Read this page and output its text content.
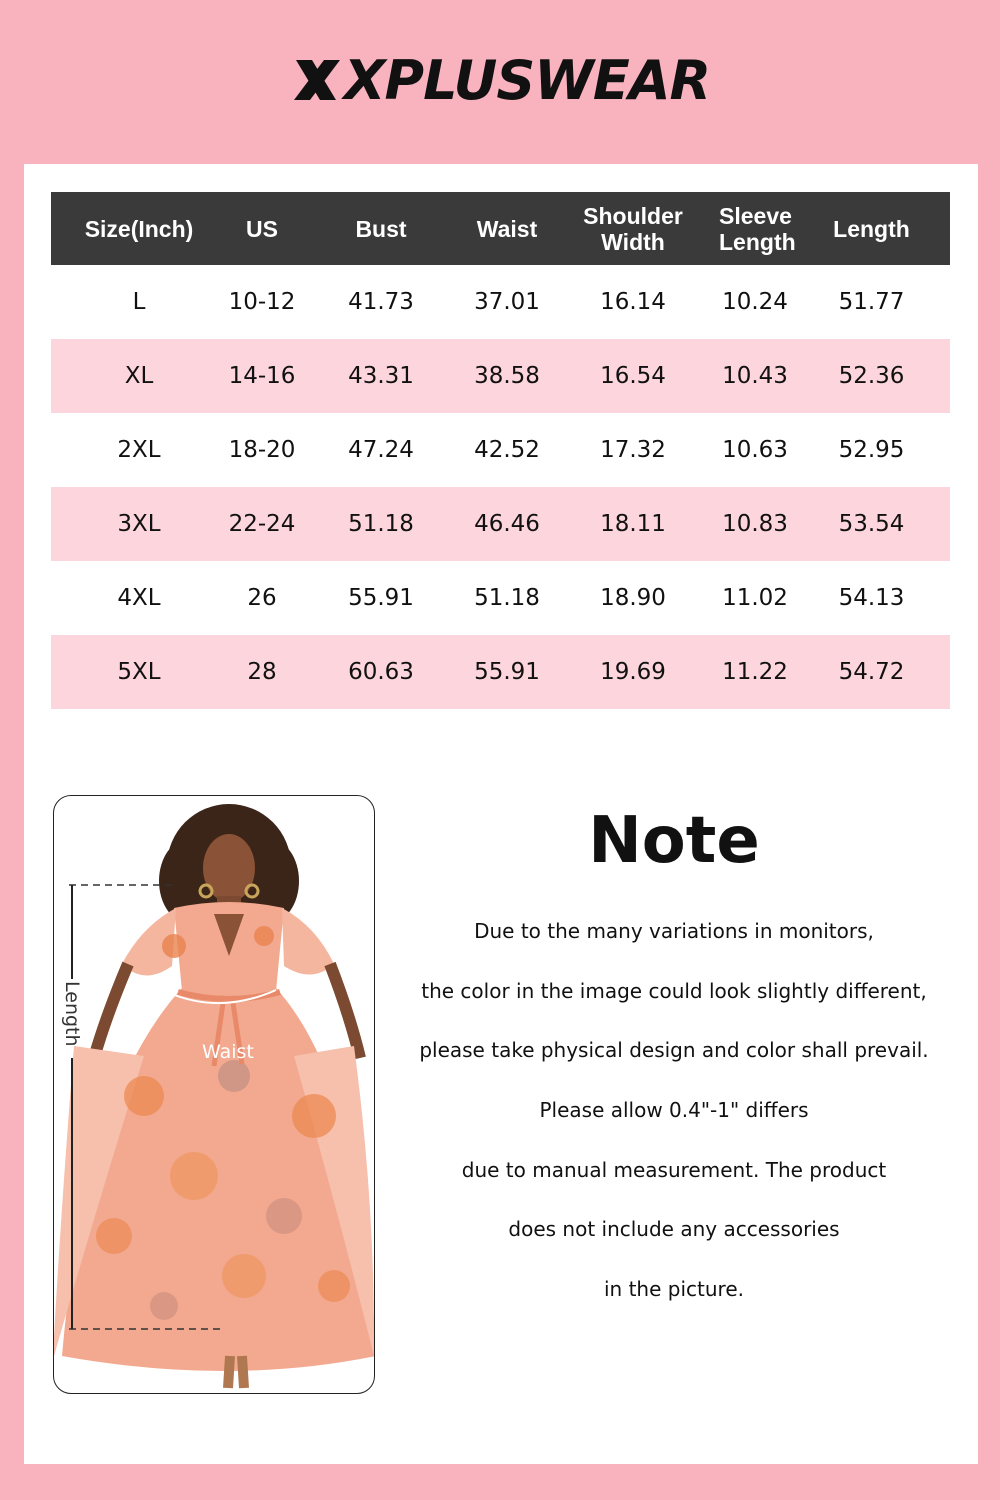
XPLUSWEAR
Size(Inch)	US	Bust	Waist	Shoulder Width	Sleeve Length	Length
L	10-12	41.73	37.01	16.14	10.24	51.77
XL	14-16	43.31	38.58	16.54	10.43	52.36
2XL	18-20	47.24	42.52	17.32	10.63	52.95
3XL	22-24	51.18	46.46	18.11	10.83	53.54
4XL	26	55.91	51.18	18.90	11.02	54.13
5XL	28	60.63	55.91	19.69	11.22	54.72
Length
Waist
Note
Due to the many variations in monitors,
the color in the image could look slightly different,
please take physical design and color shall prevail.
Please allow 0.4"-1" differs
due to manual measurement. The product
does not include any accessories
in the picture.
